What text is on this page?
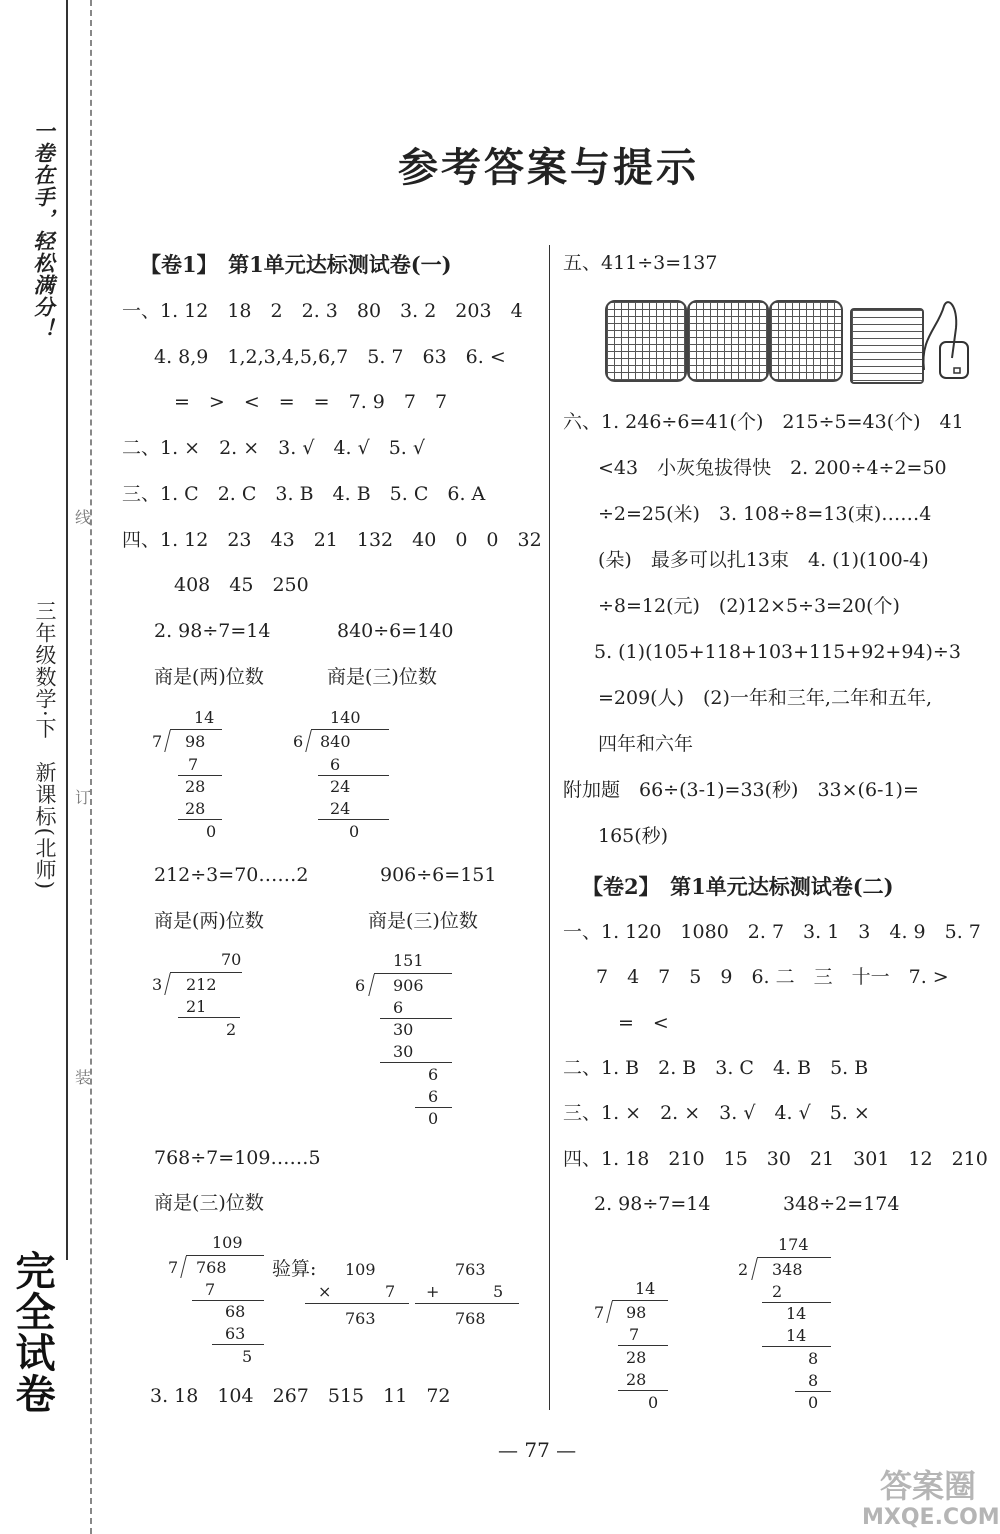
一卷在手，轻松满分！
三年级数学·下　新课标(北师)
线
订
装
完全试卷
参考答案与提示
【卷1】　第1单元达标测试卷(一)
一、1. 12　18　2　2. 3　80　3. 2　203　4
4. 8,9　1,2,3,4,5,6,7　5. 7　63　6. <
=　>　<　=　=　7. 9　7　7
二、1. ×　2. ×　3. √　4. √　5. √
三、1. C　2. C　3. B　4. B　5. C　6. A
四、1. 12　23　43　21　132　40　0　0　32
408　45　250
2. 98÷7=14	840÷6=140
商是(两)位数	商是(三)位数
14
7 98
7
28
28
0
140
6 840
6
24
24
0
212÷3=70……2	906÷6=151
商是(两)位数	商是(三)位数
70
3 212
21
2
151
6 906
6
30
30
6
6
0
768÷7=109……5
商是(三)位数
109
7 768
7
68
63
5
验算: 109
×	7
763
763
+	5
768
3. 18　104　267　515　11　72
五、411÷3=137
六、1. 246÷6=41(个)　215÷5=43(个)　41
<43　小灰兔拔得快　2. 200÷4÷2=50
÷2=25(米)　3. 108÷8=13(束)……4
(朵)　最多可以扎13束　4. (1)(100-4)
÷8=12(元)　(2)12×5÷3=20(个)
5. (1)(105+118+103+115+92+94)÷3
=209(人)　(2)一年和三年,二年和五年,
四年和六年
附加题　66÷(3-1)=33(秒)　33×(6-1)=
165(秒)
【卷2】　第1单元达标测试卷(二)
一、1. 120　1080　2. 7　3. 1　3　4. 9　5. 7
7　4　7　5　9　6. 二　三　十一　7. >
=　<
二、1. B　2. B　3. C　4. B　5. B
三、1. ×　2. ×　3. √　4. √　5. ×
四、1. 18　210　15　30　21　301　12　210
2. 98÷7=14	348÷2=174
14
7 98
7
28
28
0
174
2 348
2
14
14
8
8
0
— 77 —
答案圈
MXQE.COM
